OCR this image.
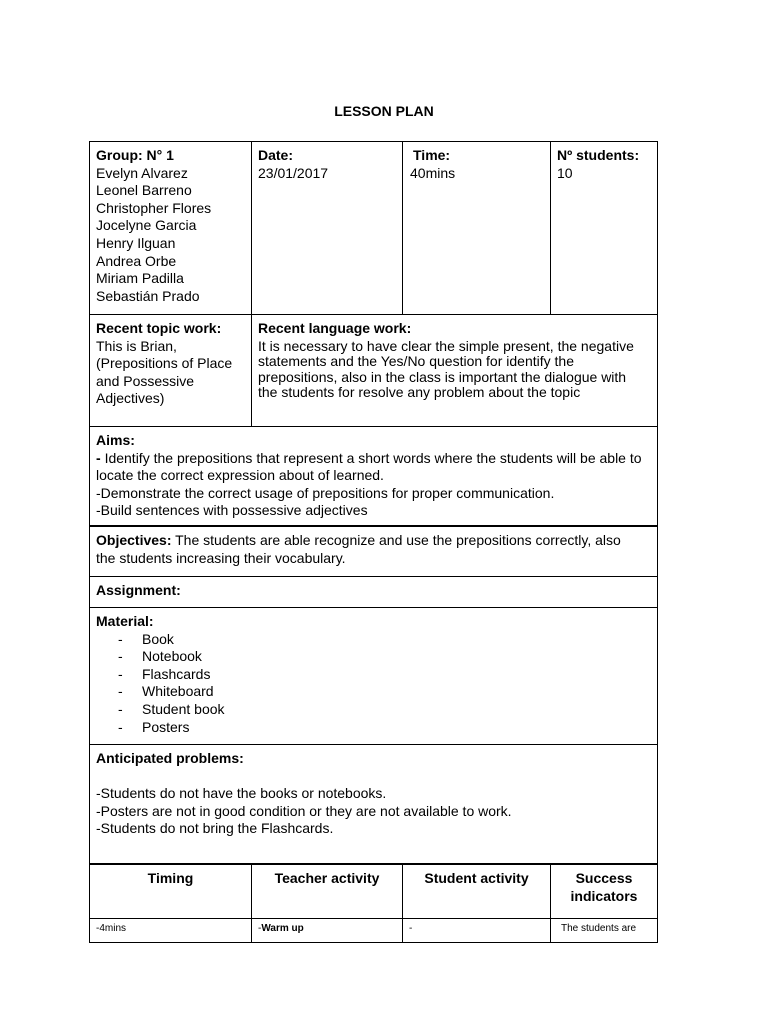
LESSON PLAN
Group: N° 1
Evelyn Alvarez
Leonel Barreno
Christopher Flores
Jocelyne Garcia
Henry Ilguan
Andrea Orbe
Miriam Padilla
Sebastián Prado
Date:
23/01/2017
Time:
40mins
Nº students:
10
Recent topic work:
This is Brian,
(Prepositions of Place
and Possessive
Adjectives)
Recent language work:
It is necessary to have clear the simple present, the negative
statements and the Yes/No question for identify the
prepositions, also in the class is important the dialogue with
the students for resolve any problem about the topic
Aims:
- Identify the prepositions that represent a short words where the students will be able to
locate the correct expression about of learned.
-Demonstrate the correct usage of prepositions for proper communication.
-Build sentences with possessive adjectives
Objectives: The students are able recognize and use the prepositions correctly, also
the students increasing their vocabulary.
Assignment:
Material:
- Book
- Notebook
- Flashcards
- Whiteboard
- Student book
- Posters
Anticipated problems:
-Students do not have the books or notebooks.
-Posters are not in good condition or they are not available to work.
-Students do not bring the Flashcards.
Timing	Teacher activity	Student activity	Success indicators
-4mins	-Warm up	-	The students are
